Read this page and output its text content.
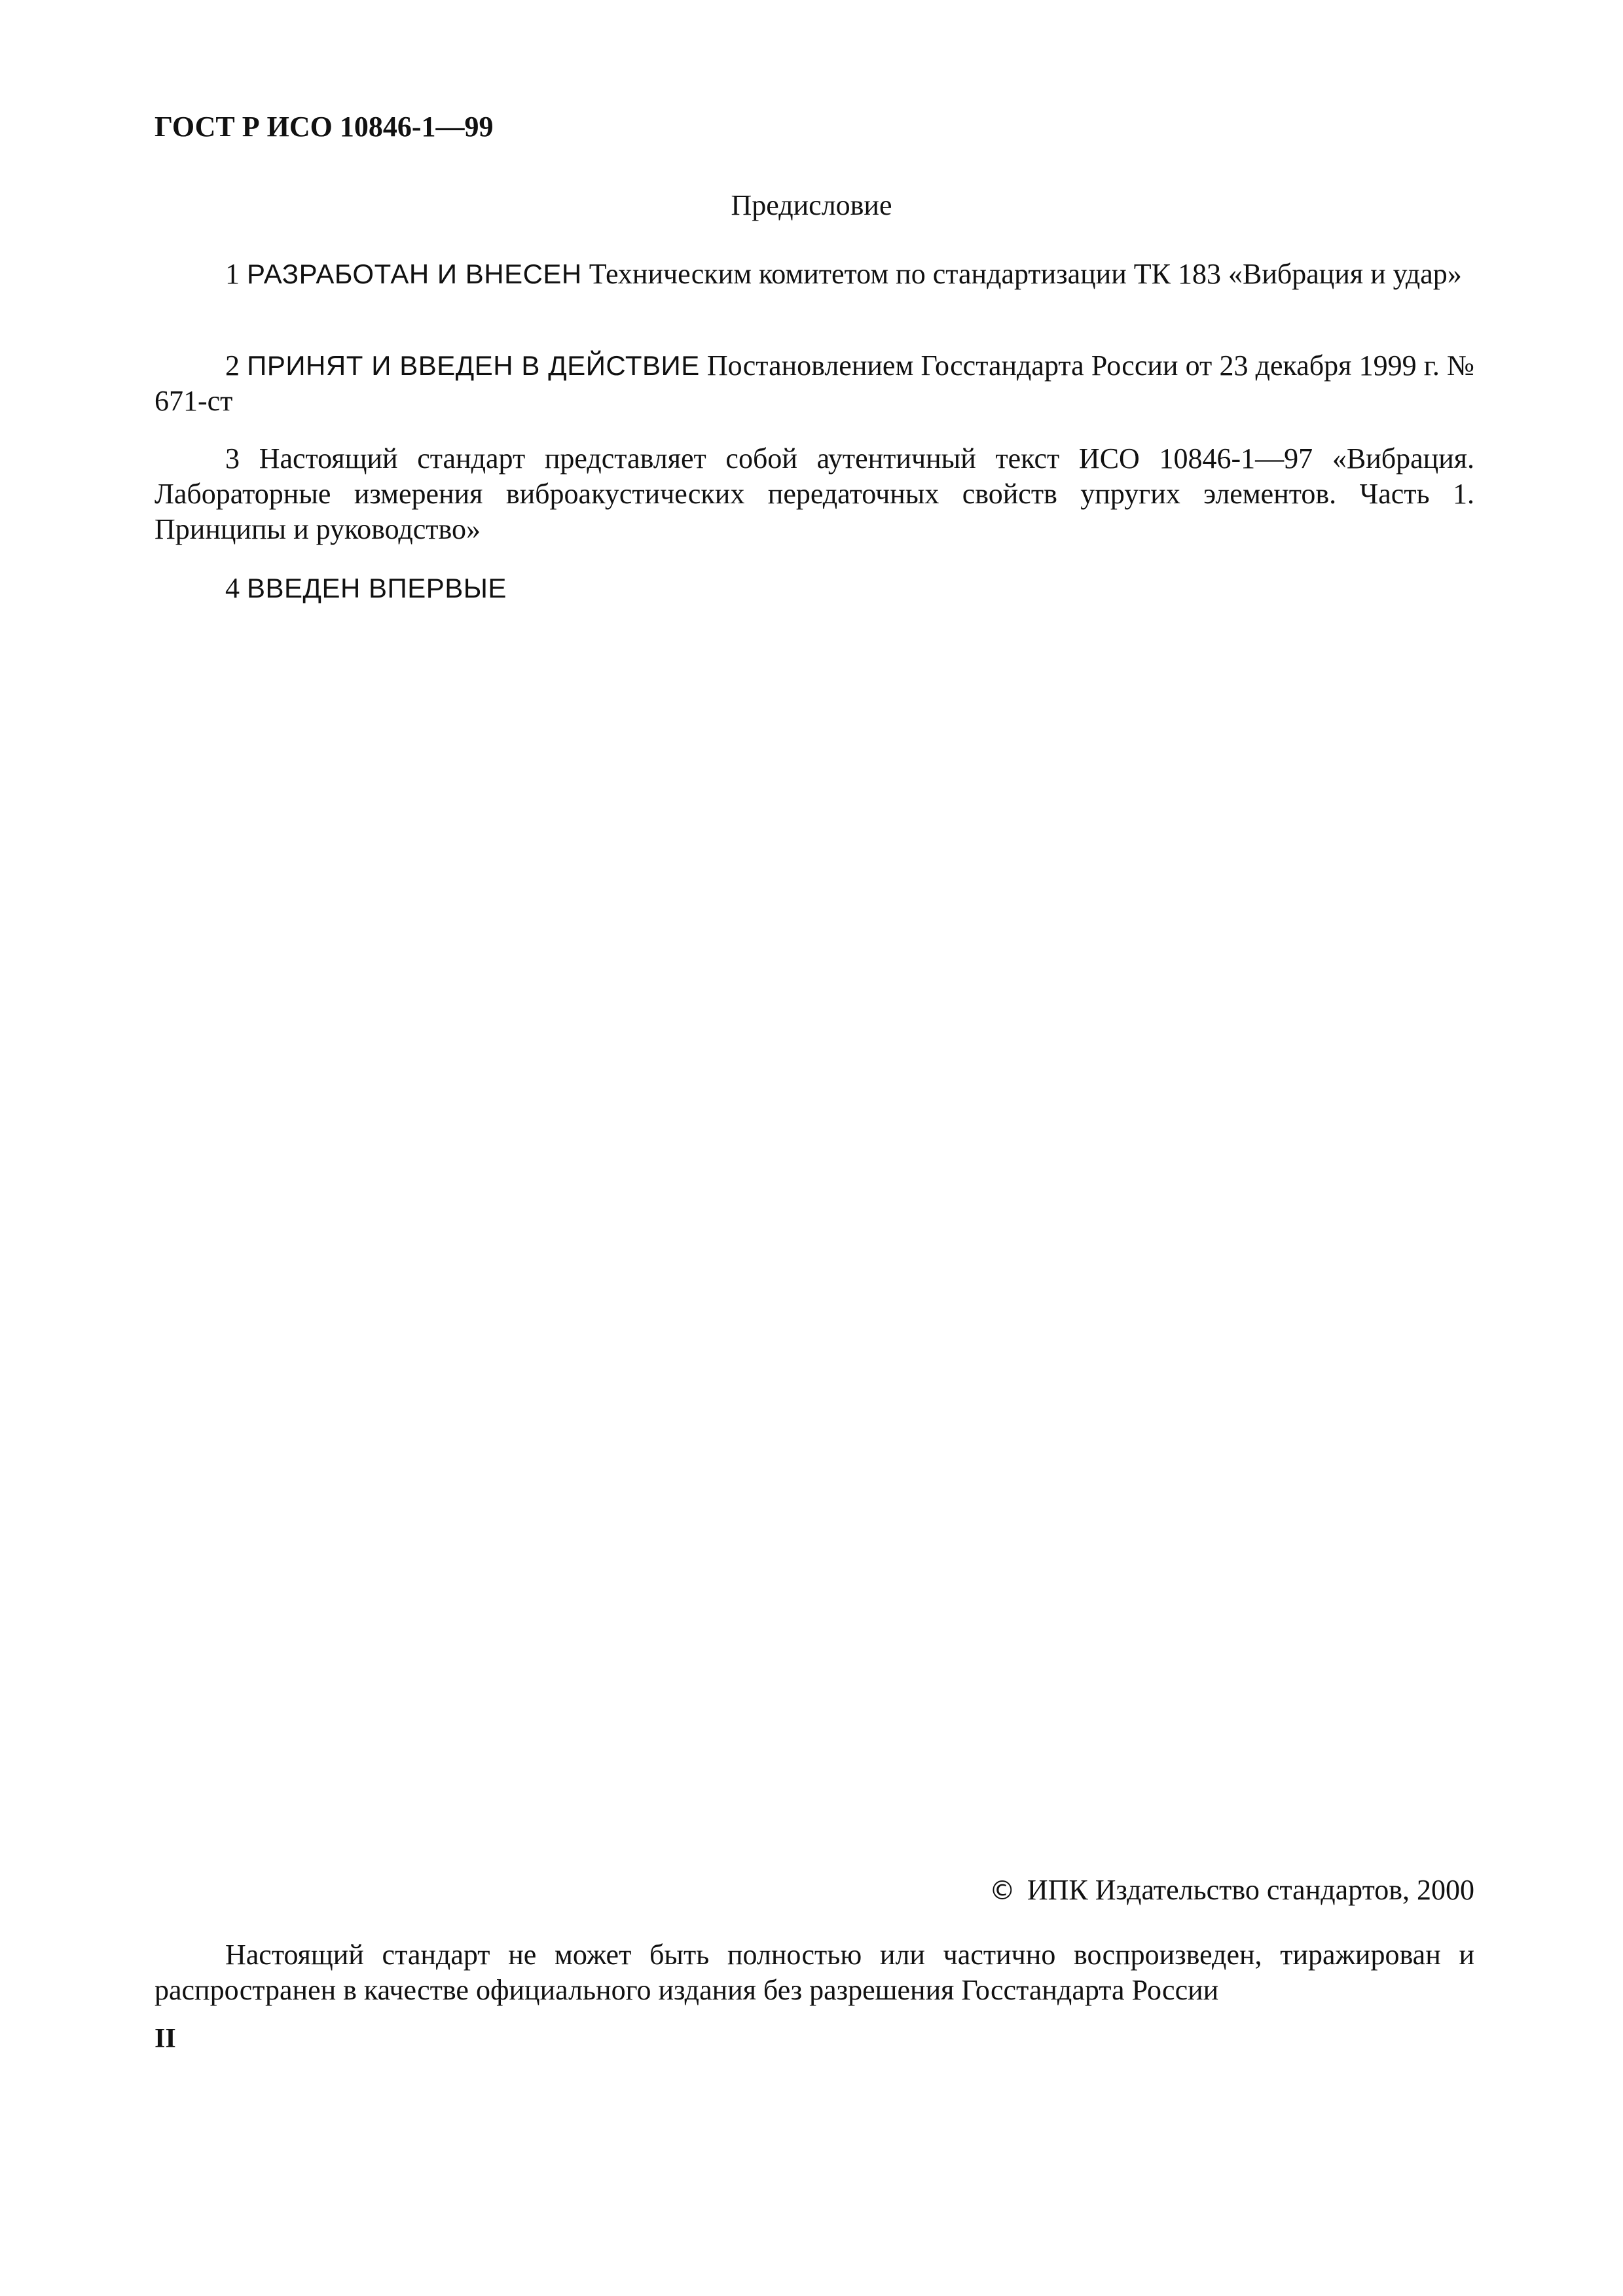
ГОСТ Р ИСО 10846-1—99
Предисловие

1 РАЗРАБОТАН И ВНЕСЕН Техническим комитетом по стандартизации ТК 183 «Вибрация и удар»

2 ПРИНЯТ И ВВЕДЕН В ДЕЙСТВИЕ Постановлением Госстандарта России от 23 декабря 1999 г. № 671-ст

3 Настоящий стандарт представляет собой аутентичный текст ИСО 10846-1—97 «Вибрация. Лабораторные измерения виброакустических передаточных свойств упругих элементов. Часть 1. Принципы и руководство»

4 ВВЕДЕН ВПЕРВЫЕ

© ИПК Издательство стандартов, 2000

Настоящий стандарт не может быть полностью или частично воспроизведен, тиражирован и распространен в качестве официального издания без разрешения Госстандарта России

II
